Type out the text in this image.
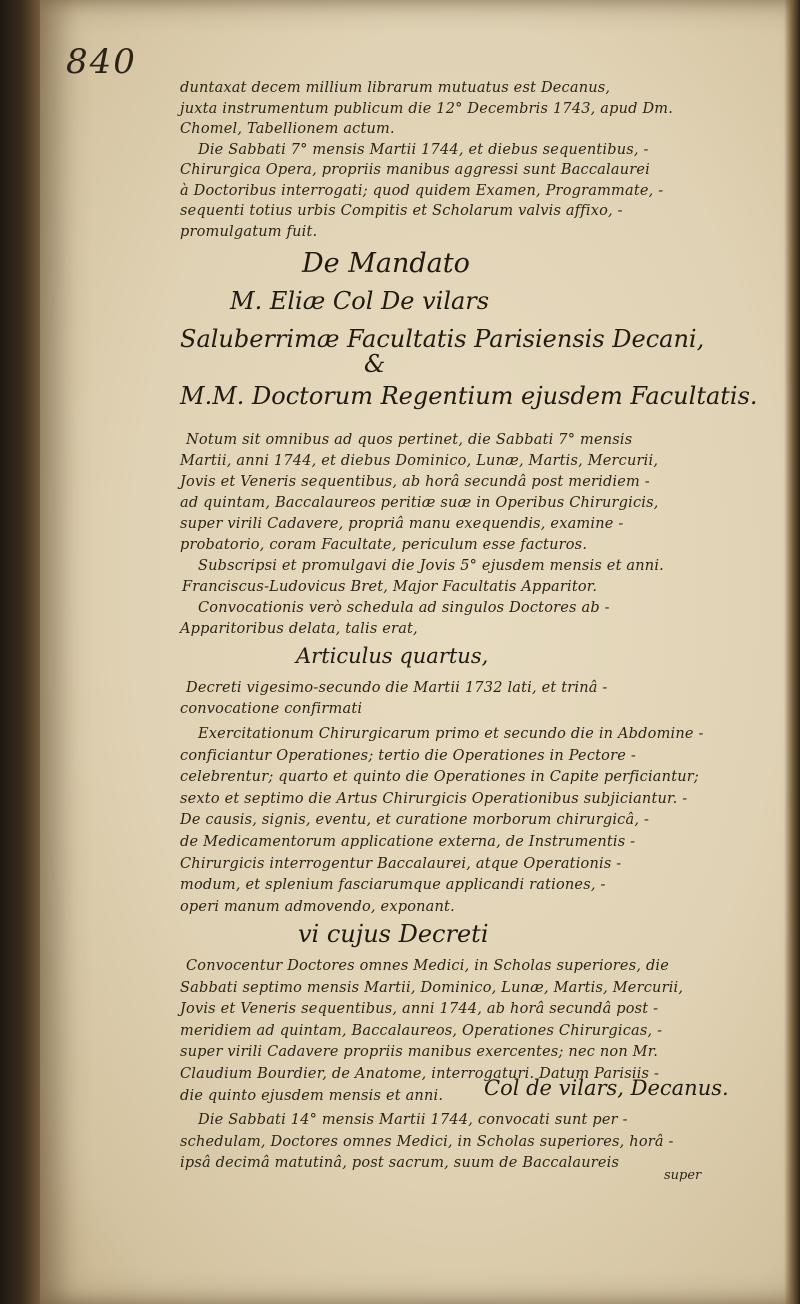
840
duntaxat decem millium librarum mutuatus est Decanus,
juxta instrumentum publicum die 12° Decembris 1743, apud Dm.
Chomel, Tabellionem actum.
Die Sabbati 7° mensis Martii 1744, et diebus sequentibus, -
Chirurgica Opera, propriis manibus aggressi sunt Baccalaurei
à Doctoribus interrogati; quod quidem Examen, Programmate, -
sequenti totius urbis Compitis et Scholarum valvis affixo, -
promulgatum fuit.
De Mandato
M. Eliæ Col De vilars
Saluberrimæ Facultatis Parisiensis Decani,
&
M.M. Doctorum Regentium ejusdem Facultatis.
Notum sit omnibus ad quos pertinet, die Sabbati 7° mensis
Martii, anni 1744, et diebus Dominico, Lunæ, Martis, Mercurii,
Jovis et Veneris sequentibus, ab horâ secundâ post meridiem -
ad quintam, Baccalaureos peritiæ suæ in Operibus Chirurgicis,
super virili Cadavere, propriâ manu exequendis, examine -
probatorio, coram Facultate, periculum esse facturos.
Subscripsi et promulgavi die Jovis 5° ejusdem mensis et anni.
Franciscus-Ludovicus Bret, Major Facultatis Apparitor.
Convocationis verò schedula ad singulos Doctores ab -
Apparitoribus delata, talis erat,
Articulus quartus,
Decreti vigesimo-secundo die Martii 1732 lati, et trinâ -
convocatione confirmati
Exercitationum Chirurgicarum primo et secundo die in Abdomine -
conficiantur Operationes; tertio die Operationes in Pectore -
celebrentur; quarto et quinto die Operationes in Capite perficiantur;
sexto et septimo die Artus Chirurgicis Operationibus subjiciantur. -
De causis, signis, eventu, et curatione morborum chirurgicâ, -
de Medicamentorum applicatione externa, de Instrumentis -
Chirurgicis interrogentur Baccalaurei, atque Operationis -
modum, et splenium fasciarumque applicandi rationes, -
operi manum admovendo, exponant.
vi cujus Decreti
Convocentur Doctores omnes Medici, in Scholas superiores, die
Sabbati septimo mensis Martii, Dominico, Lunæ, Martis, Mercurii,
Jovis et Veneris sequentibus, anni 1744, ab horâ secundâ post -
meridiem ad quintam, Baccalaureos, Operationes Chirurgicas, -
super virili Cadavere propriis manibus exercentes; nec non Mr.
Claudium Bourdier, de Anatome, interrogaturi. Datum Parisiis -
die quinto ejusdem mensis et anni.	Col de vilars, Decanus.
Die Sabbati 14° mensis Martii 1744, convocati sunt per -
schedulam, Doctores omnes Medici, in Scholas superiores, horâ -
ipsâ decimâ matutinâ, post sacrum, suum de Baccalaureis
super
